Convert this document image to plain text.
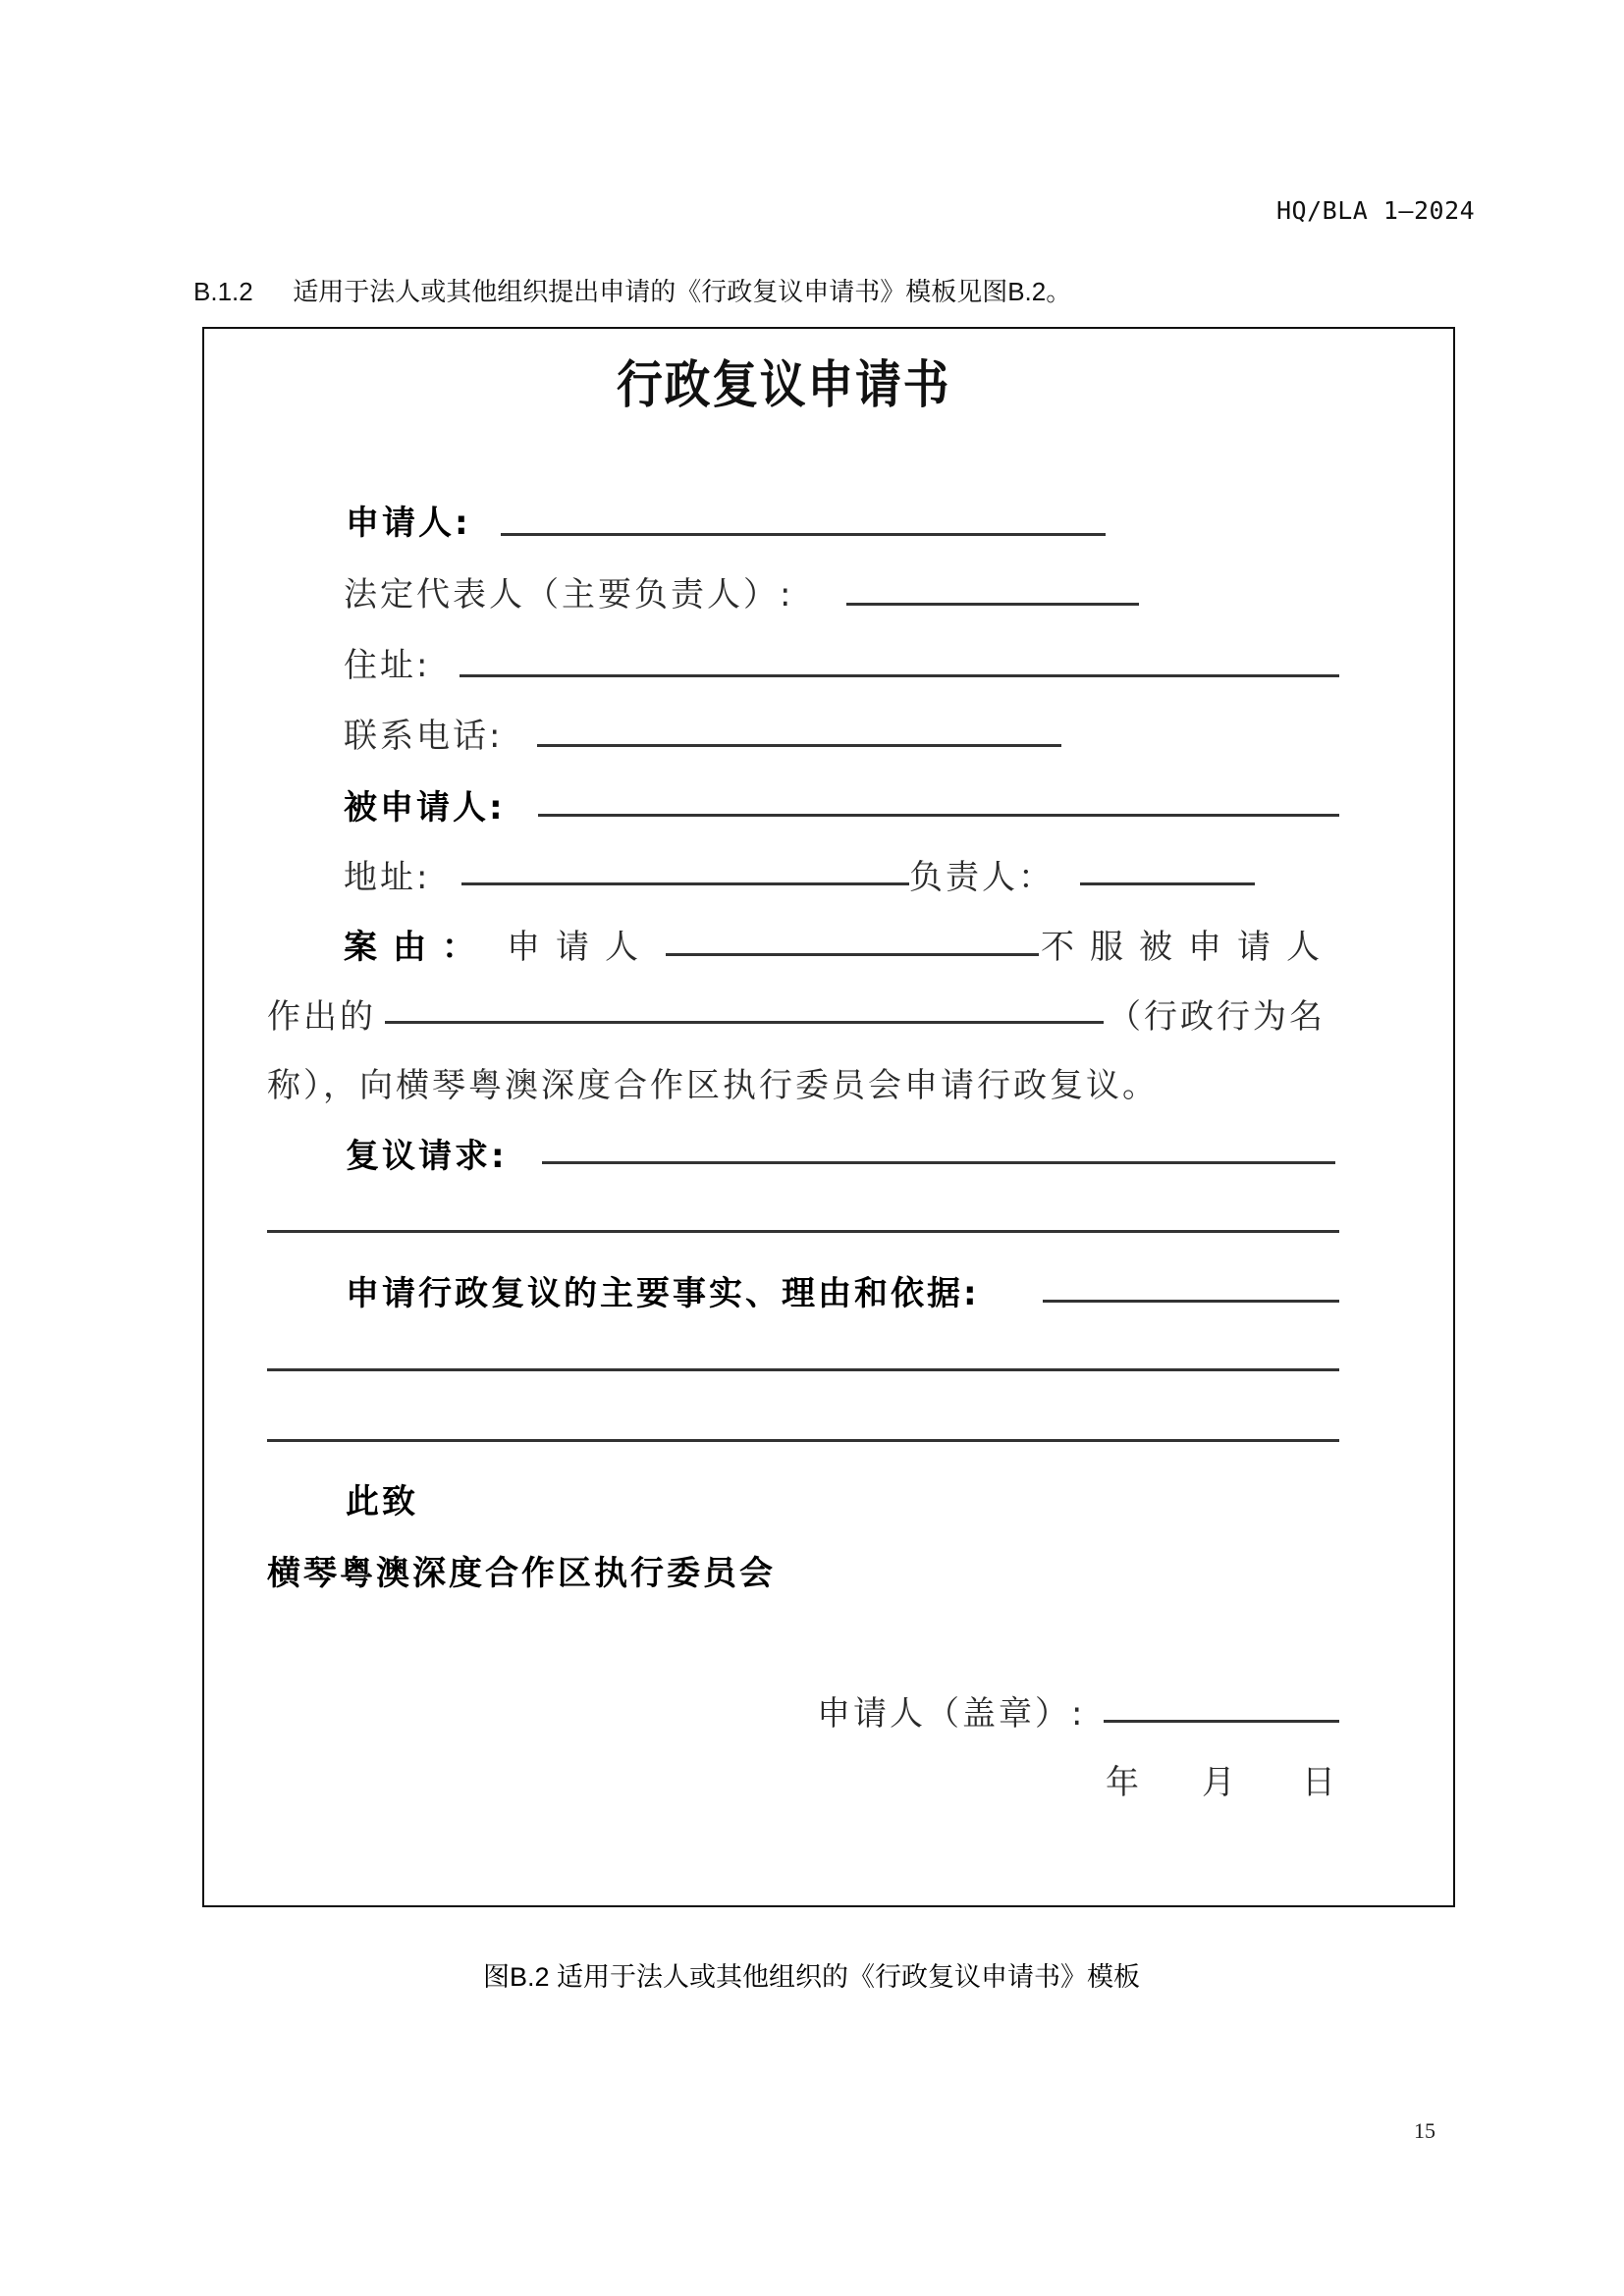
HQ/BLA 1—2024
B.1.2 适用于法人或其他组织提出申请的《行政复议申请书》模板见图B.2。
行政复议申请书
申请人:
法定代表人（主要负责人）:
住址:
联系电话:
被申请人:
地址:	负责人：
案由： 申请人	不服被申请人
作出的	（行政行为名
称），向横琴粤澳深度合作区执行委员会申请行政复议。
复议请求:
申请行政复议的主要事实、理由和依据:
此致
横琴粤澳深度合作区执行委员会
申请人（盖章）:
年 月 日
图B.2 适用于法人或其他组织的《行政复议申请书》模板
15
